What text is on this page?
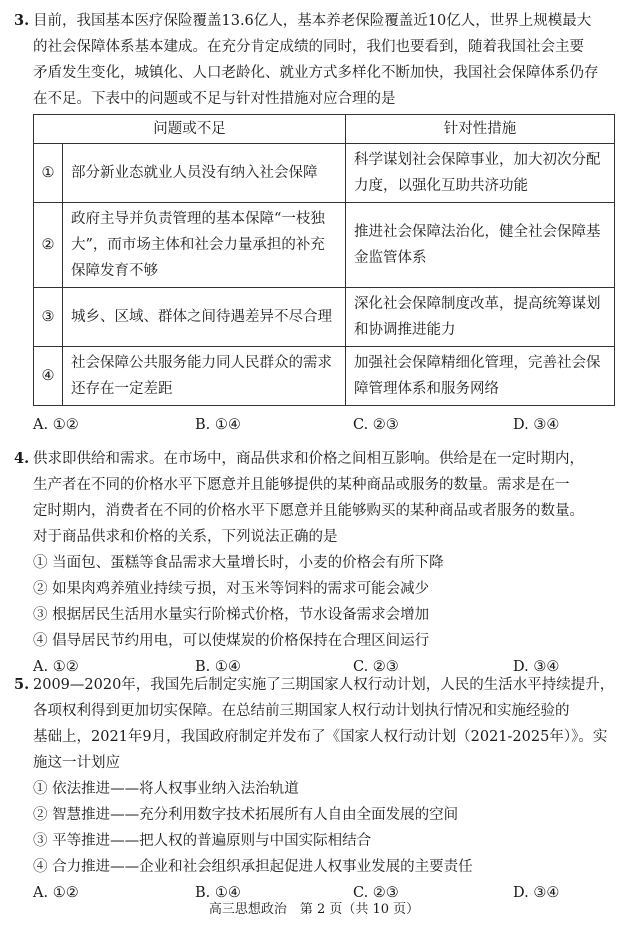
3. 目前，我国基本医疗保险覆盖13.6亿人，基本养老保险覆盖近10亿人，世界上规模最大

的社会保障体系基本建成。在充分肯定成绩的同时，我们也要看到，随着我国社会主要

矛盾发生变化，城镇化、人口老龄化、就业方式多样化不断加快，我国社会保障体系仍存

在不足。下表中的问题或不足与针对性措施对应合理的是

问题或不足		针对性措施
①	部分新业态就业人员没有纳入社会保障	科学谋划社会保障事业，加大初次分配力度，以强化互助共济功能
②	政府主导并负责管理的基本保障“一枝独大”，而市场主体和社会力量承担的补充保障发育不够	推进社会保障法治化，健全社会保障基金监管体系
③	城乡、区域、群体之间待遇差异不尽合理	深化社会保障制度改革，提高统筹谋划和协调推进能力
④	社会保障公共服务能力同人民群众的需求还存在一定差距	加强社会保障精细化管理，完善社会保障管理体系和服务网络
A. ①②	B. ①④	C. ②③	D. ③④
4. 供求即供给和需求。在市场中，商品供求和价格之间相互影响。供给是在一定时期内，

生产者在不同的价格水平下愿意并且能够提供的某种商品或服务的数量。需求是在一

定时期内，消费者在不同的价格水平下愿意并且能够购买的某种商品或者服务的数量。

对于商品供求和价格的关系，下列说法正确的是

① 当面包、蛋糕等食品需求大量增长时，小麦的价格会有所下降
② 如果肉鸡养殖业持续亏损，对玉米等饲料的需求可能会减少
③ 根据居民生活用水量实行阶梯式价格，节水设备需求会增加
④ 倡导居民节约用电，可以使煤炭的价格保持在合理区间运行
A. ①②	B. ①④	C. ②③	D. ③④
5. 2009—2020年，我国先后制定实施了三期国家人权行动计划，人民的生活水平持续提升，

各项权利得到更加切实保障。在总结前三期国家人权行动计划执行情况和实施经验的

基础上，2021年9月，我国政府制定并发布了《国家人权行动计划（2021-2025年）》。实

施这一计划应

① 依法推进——将人权事业纳入法治轨道
② 智慧推进——充分利用数字技术拓展所有人自由全面发展的空间
③ 平等推进——把人权的普遍原则与中国实际相结合
④ 合力推进——企业和社会组织承担起促进人权事业发展的主要责任
A. ①②	B. ①④	C. ②③	D. ③④
高三思想政治　第 2 页（共 10 页）
